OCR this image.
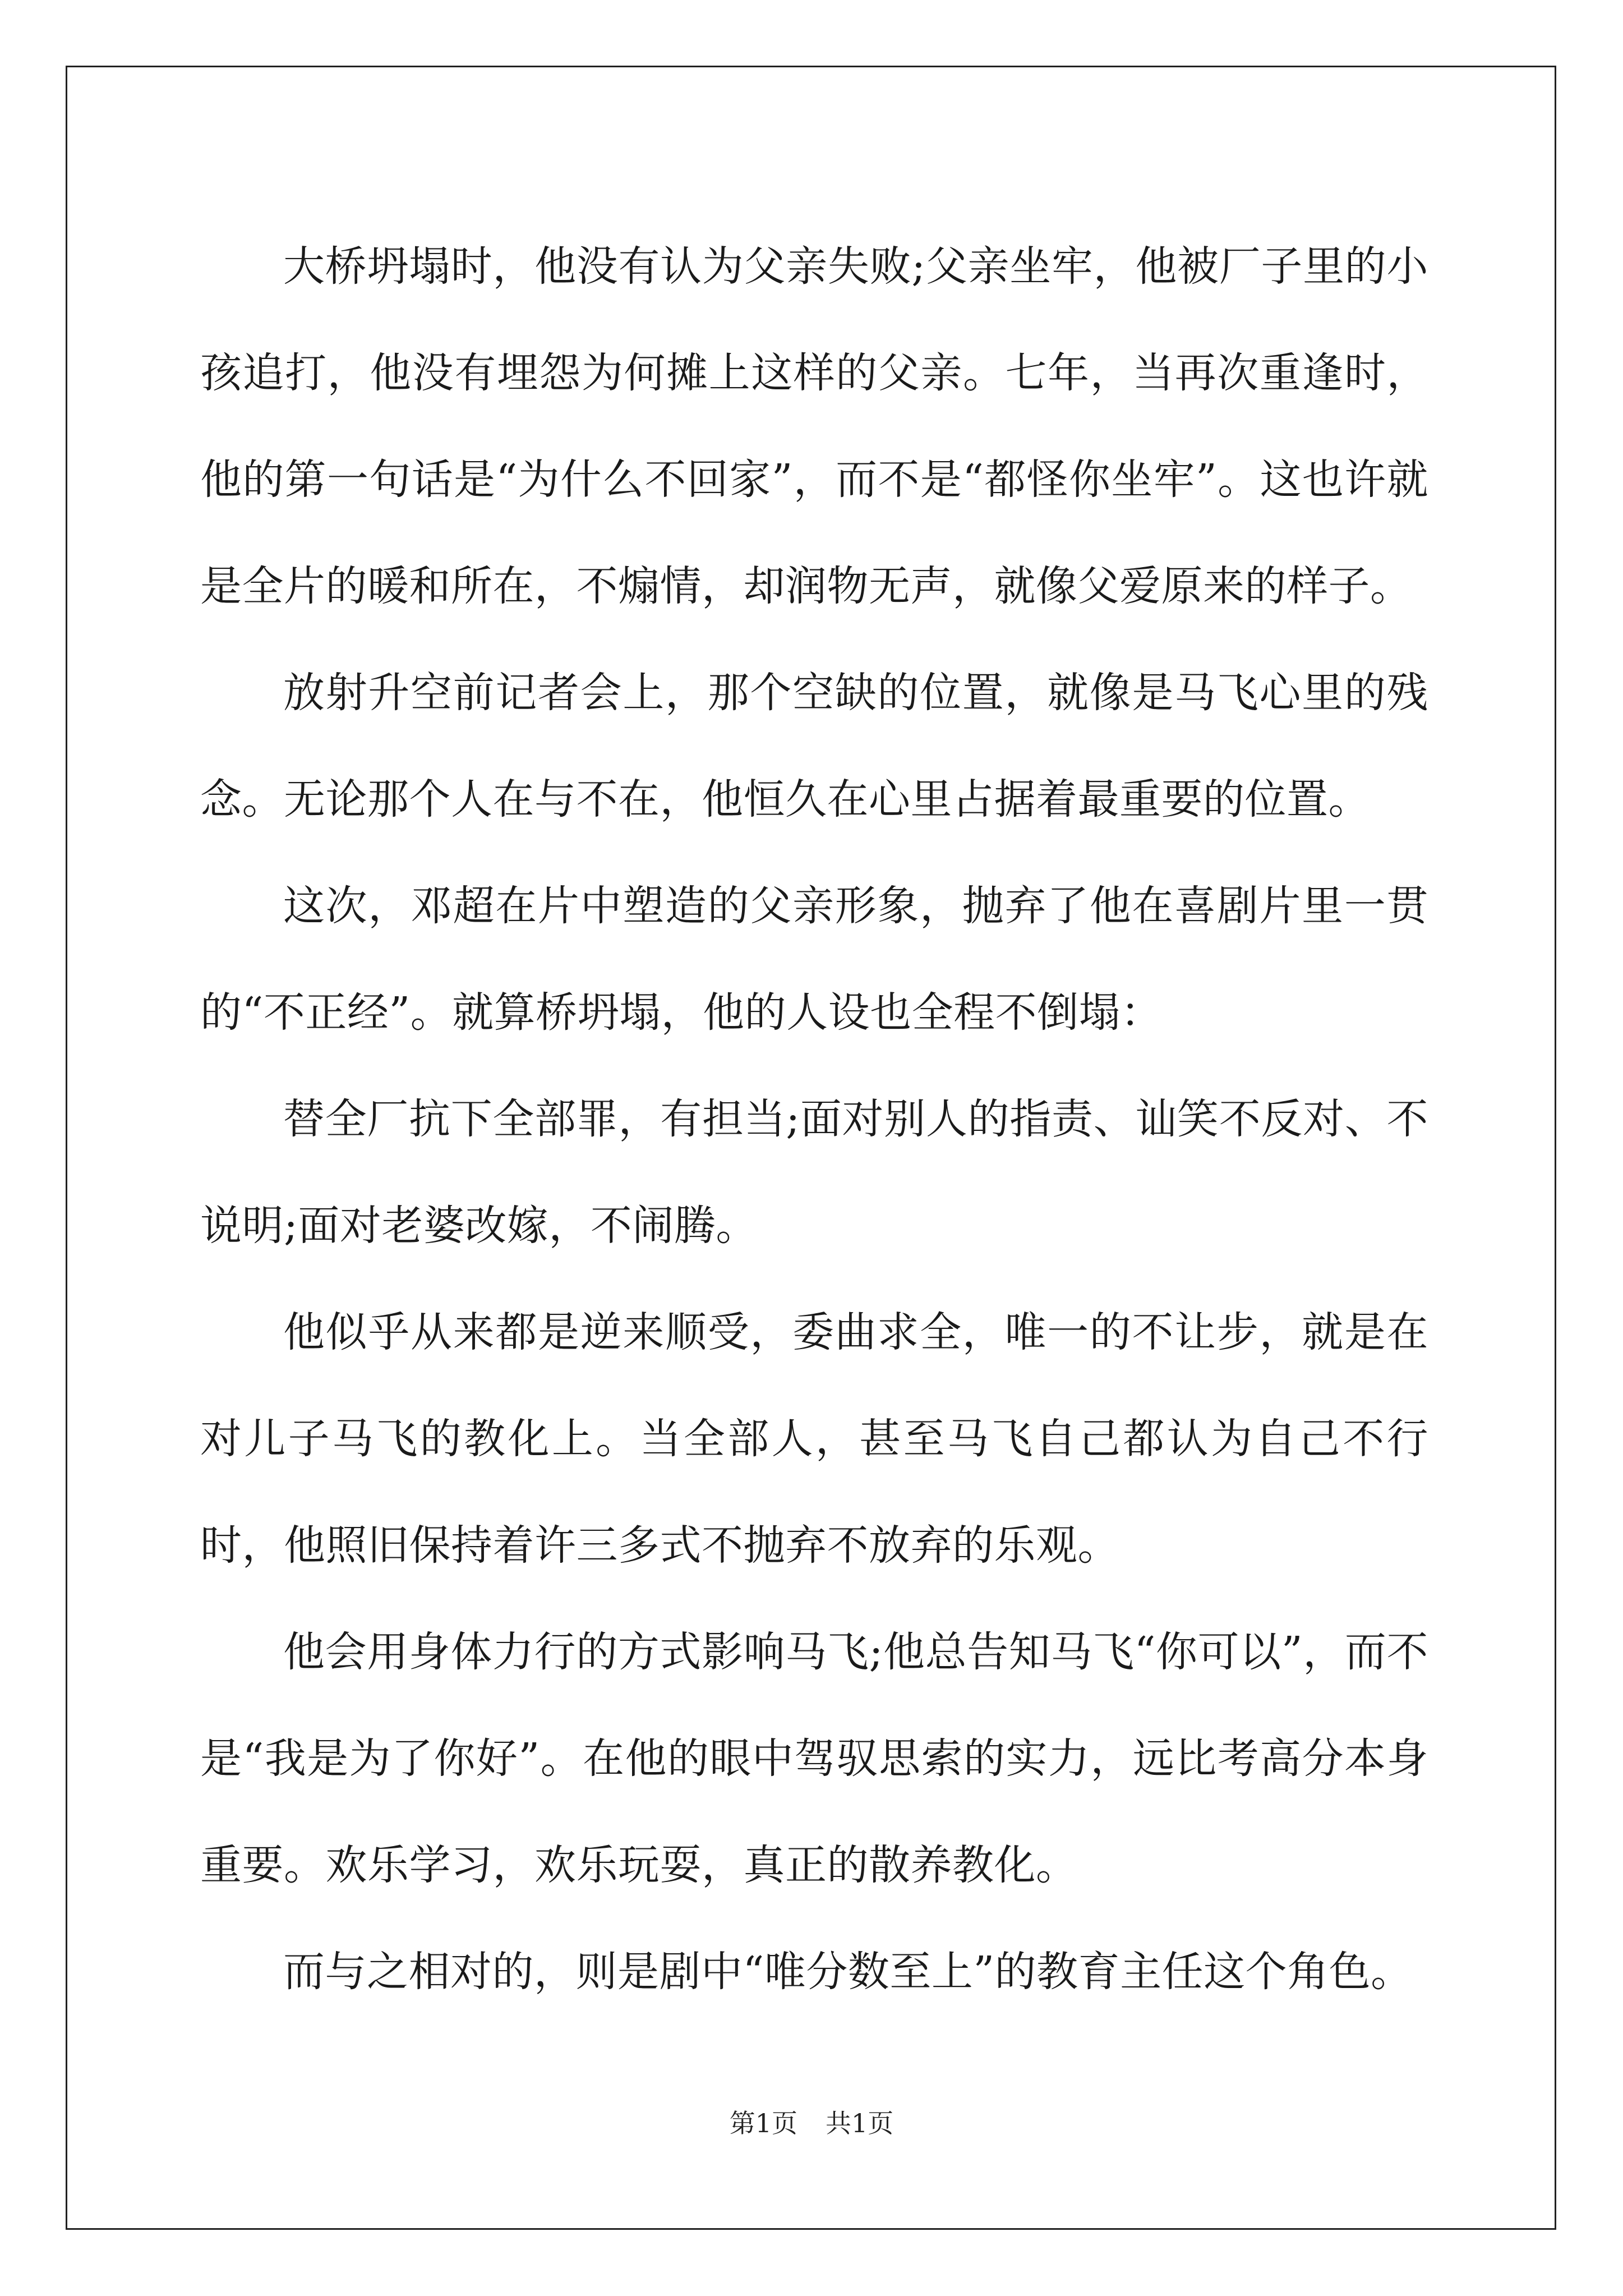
大桥坍塌时，他没有认为父亲失败;父亲坐牢，他被厂子里的小孩追打，他没有埋怨为何摊上这样的父亲。七年，当再次重逢时，他的第一句话是“为什么不回家”，而不是“都怪你坐牢”。这也许就是全片的暖和所在，不煽情，却润物无声，就像父爱原来的样子。

放射升空前记者会上，那个空缺的位置，就像是马飞心里的残念。无论那个人在与不在，他恒久在心里占据着最重要的位置。

这次，邓超在片中塑造的父亲形象，抛弃了他在喜剧片里一贯的“不正经”。就算桥坍塌，他的人设也全程不倒塌：

替全厂抗下全部罪，有担当;面对别人的指责、讪笑不反对、不说明;面对老婆改嫁，不闹腾。

他似乎从来都是逆来顺受，委曲求全，唯一的不让步，就是在对儿子马飞的教化上。当全部人，甚至马飞自己都认为自己不行时，他照旧保持着许三多式不抛弃不放弃的乐观。

他会用身体力行的方式影响马飞;他总告知马飞“你可以”，而不是“我是为了你好”。在他的眼中驾驭思索的实力，远比考高分本身重要。欢乐学习，欢乐玩耍，真正的散养教化。

而与之相对的，则是剧中“唯分数至上”的教育主任这个角色。

第1页 共1页
